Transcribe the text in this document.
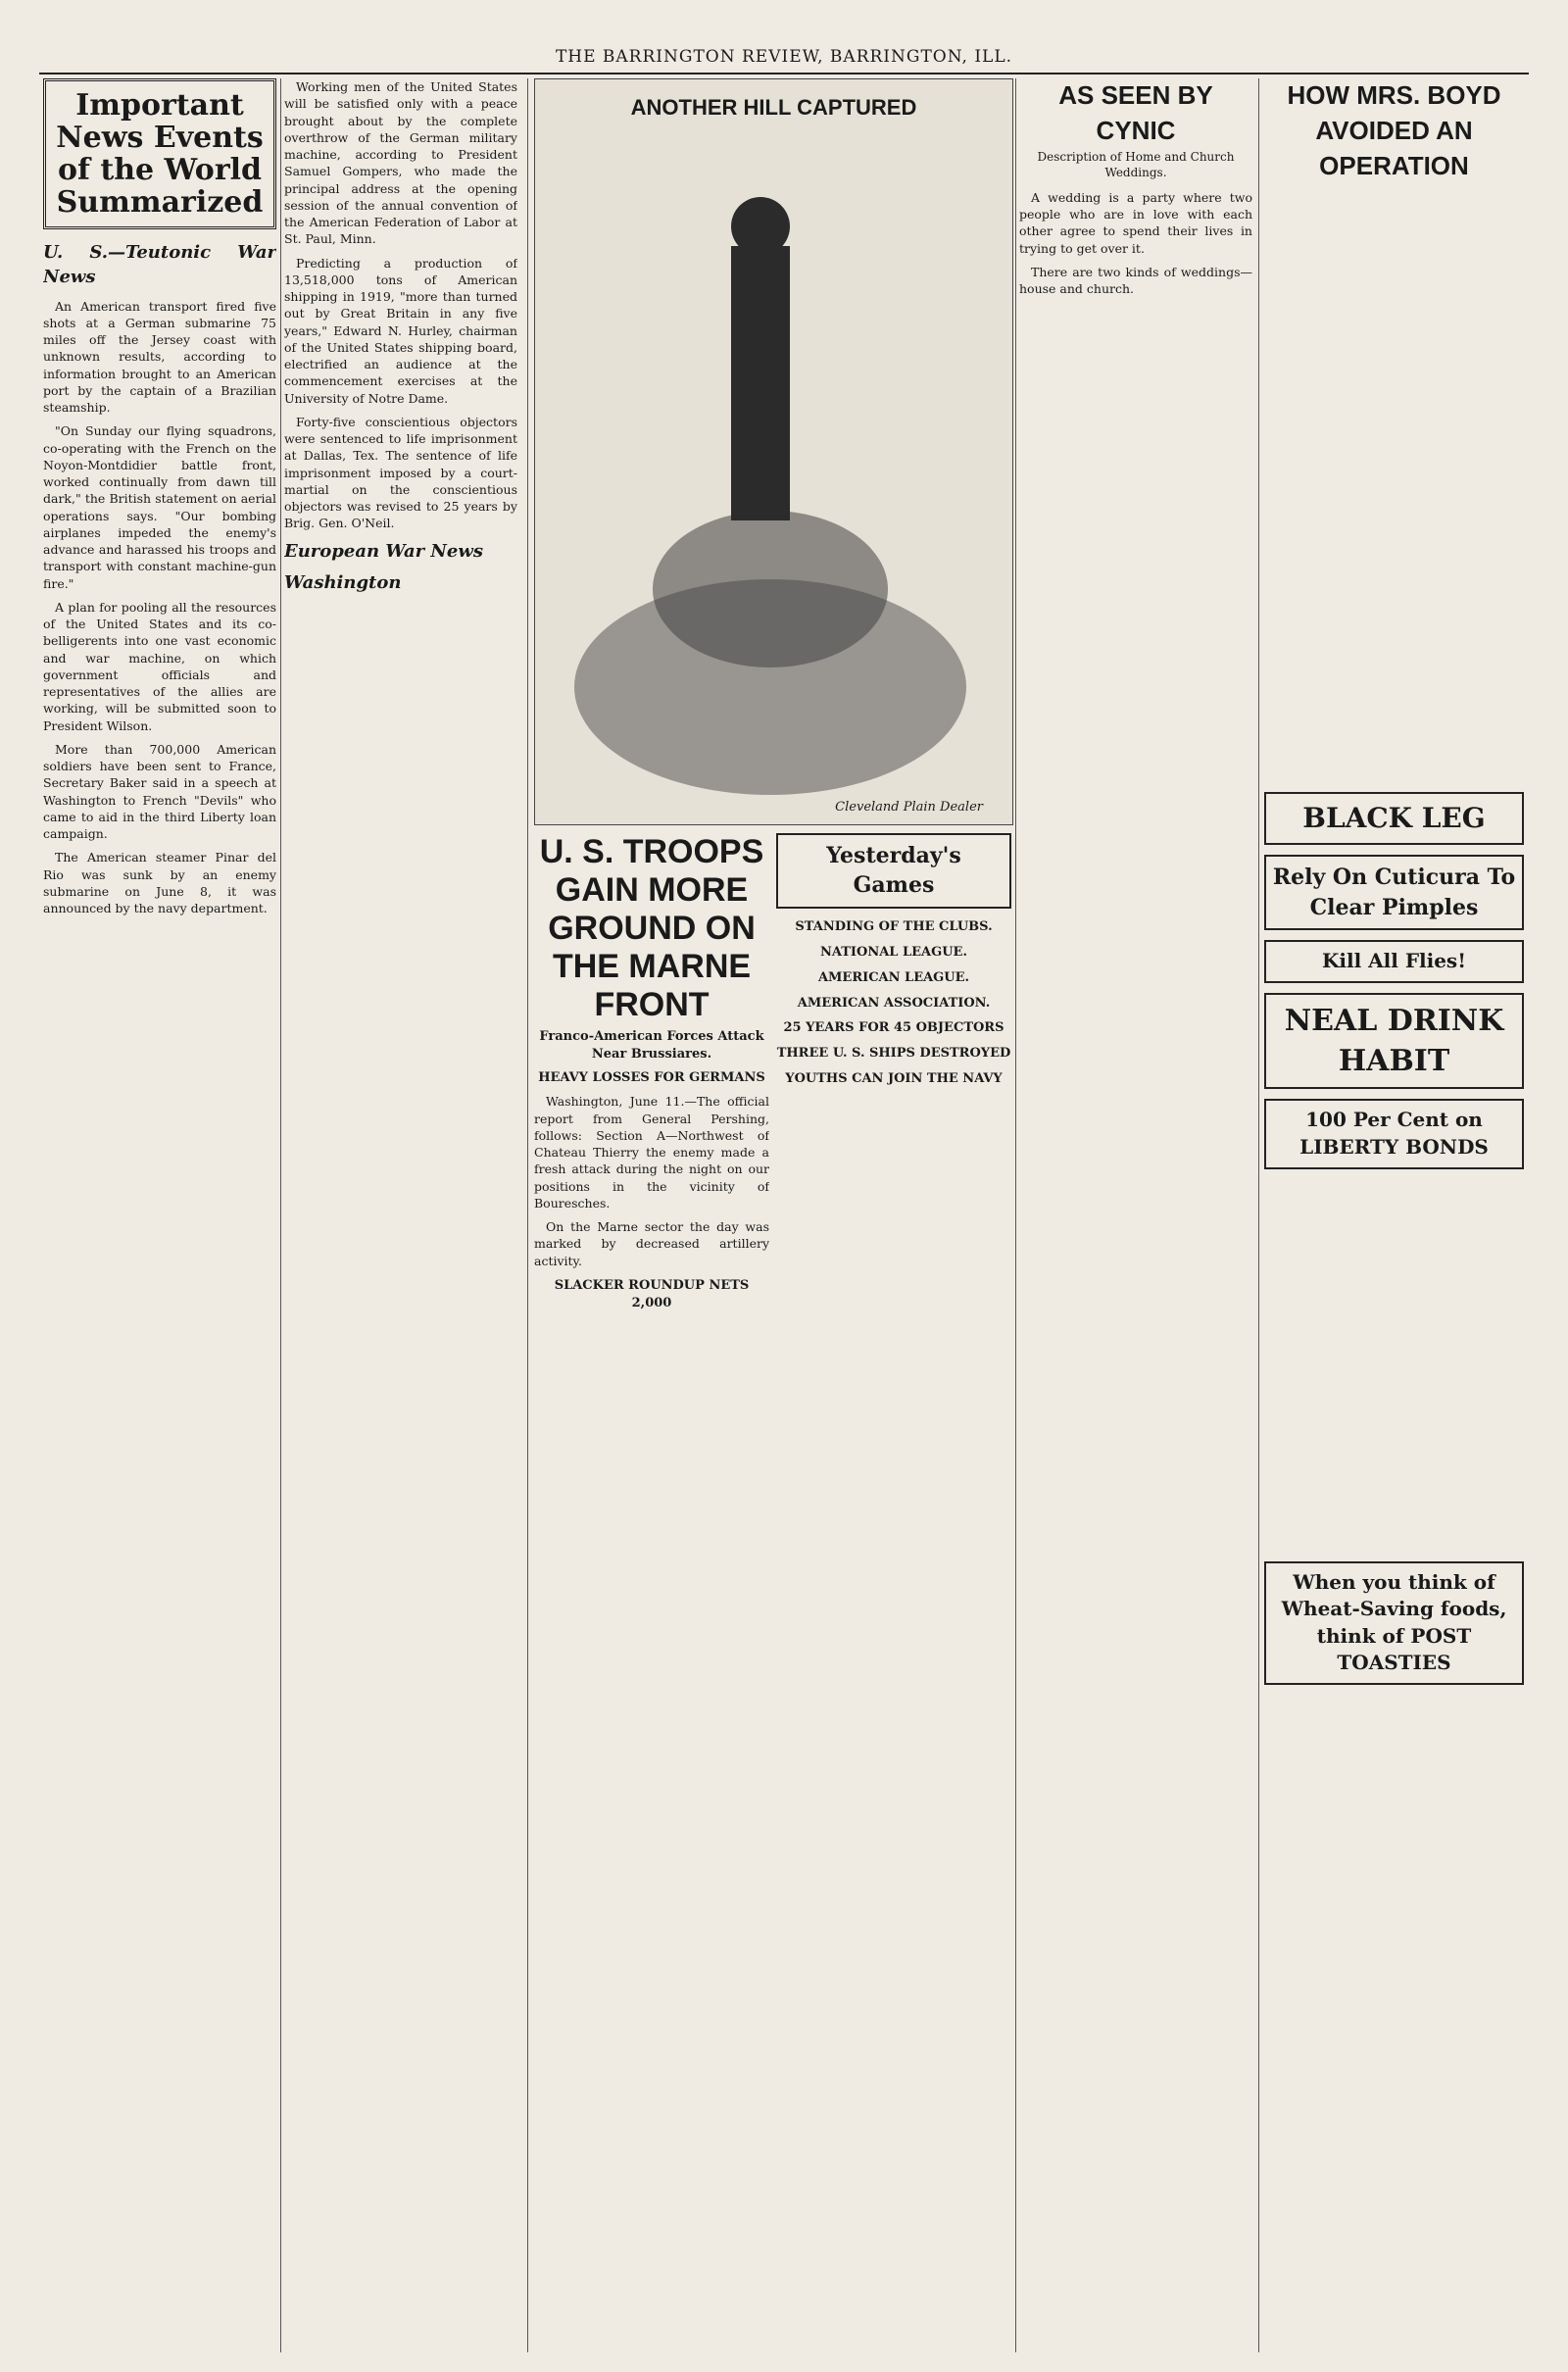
THE BARRINGTON REVIEW, BARRINGTON, ILL.
Important News Events of the World Summarized
U. S.—Teutonic War News

An American transport fired five shots at a German submarine 75 miles off the Jersey coast with unknown results, according to information brought to an American port by the captain of a Brazilian steamship.

"On Sunday our flying squadrons, co-operating with the French on the Noyon-Montdidier battle front, worked continually from dawn till dark," the British statement on aerial operations says. "Our bombing airplanes impeded the enemy's advance and harassed his troops and transport with constant machine-gun fire."

A plan for pooling all the resources of the United States and its co-belligerents into one vast economic and war machine, on which government officials and representatives of the allies are working, will be submitted soon to President Wilson.

More than 700,000 American soldiers have been sent to France, Secretary Baker said in a speech at Washington to French "Devils" who came to aid in the third Liberty loan campaign.

The American steamer Pinar del Rio was sunk by an enemy submarine on June 8, it was announced by the navy department.

Working men of the United States will be satisfied only with a peace brought about by the complete overthrow of the German military machine, according to President Samuel Gompers, who made the principal address at the opening session of the annual convention of the American Federation of Labor at St. Paul, Minn.

Predicting a production of 13,518,000 tons of American shipping in 1919, "more than turned out by Great Britain in any five years," Edward N. Hurley, chairman of the United States shipping board, electrified an audience at the commencement exercises at the University of Notre Dame.

Forty-five conscientious objectors were sentenced to life imprisonment at Dallas, Tex. The sentence of life imprisonment imposed by a court-martial on the conscientious objectors was revised to 25 years by Brig. Gen. O'Neil.

European War News
Washington
ANOTHER HILL CAPTURED
Cleveland Plain Dealer
U. S. TROOPS GAIN MORE GROUND ON THE MARNE FRONT
Franco-American Forces Attack Near Brussiares.
HEAVY LOSSES FOR GERMANS

Washington, June 11.—The official report from General Pershing, follows: Section A—Northwest of Chateau Thierry the enemy made a fresh attack during the night on our positions in the vicinity of Bouresches.

On the Marne sector the day was marked by decreased artillery activity.

SLACKER ROUNDUP NETS 2,000
Yesterday's Games
STANDING OF THE CLUBS.
NATIONAL LEAGUE.
AMERICAN LEAGUE.
AMERICAN ASSOCIATION.
25 YEARS FOR 45 OBJECTORS
THREE U. S. SHIPS DESTROYED
YOUTHS CAN JOIN THE NAVY
AS SEEN BY CYNIC
Description of Home and Church Weddings.

A wedding is a party where two people who are in love with each other agree to spend their lives in trying to get over it.

There are two kinds of weddings—house and church.

HOW MRS. BOYD AVOIDED AN OPERATION
BLACK LEG
Rely On Cuticura To Clear Pimples
Kill All Flies!
NEAL DRINK HABIT
100 Per Cent on LIBERTY BONDS
When you think of Wheat-Saving foods, think of POST TOASTIES
